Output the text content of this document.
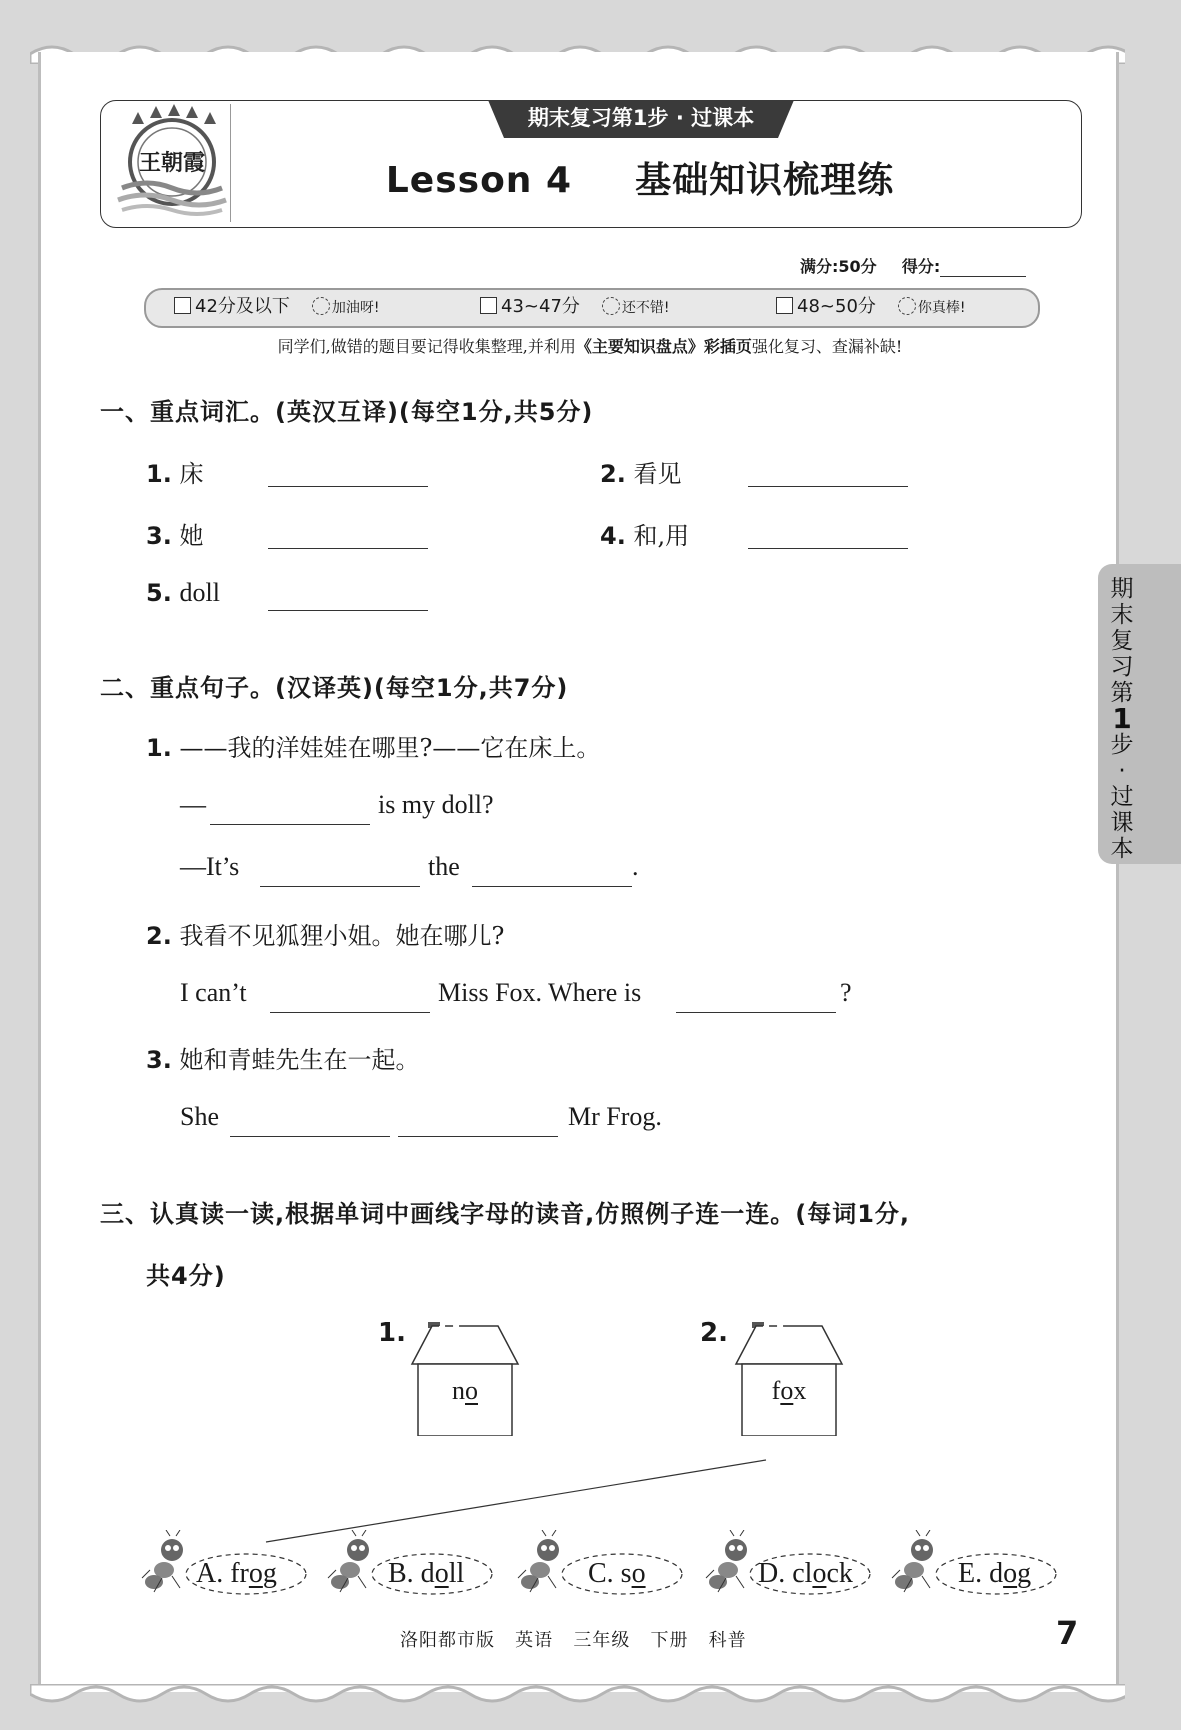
王朝霞
期末复习第1步 · 过课本
Lesson 4 基础知识梳理练
满分:50分 得分:
42分及以下	加油呀!	43~47分	还不错!	48~50分	你真棒!
同学们,做错的题目要记得收集整理,并利用《主要知识盘点》彩插页强化复习、查漏补缺!
一、重点词汇。(英汉互译)(每空1分,共5分)
1. 床	2. 看见
3. 她	4. 和,用
5. doll
二、重点句子。(汉译英)(每空1分,共7分)
1. ——我的洋娃娃在哪里?——它在床上。
—	is my doll?
—It’s	the	.
2. 我看不见狐狸小姐。她在哪儿?
I can’t	Miss Fox. Where is	?
3. 她和青蛙先生在一起。
She	Mr Frog.
三、认真读一读,根据单词中画线字母的读音,仿照例子连一连。(每词1分,
共4分)
1.
no
2.
fox
A. frog	B. doll	C. so	D. clock	E. dog
期末复习第
1
步·过课本
洛阳都市版   英语   三年级   下册   科普	7
